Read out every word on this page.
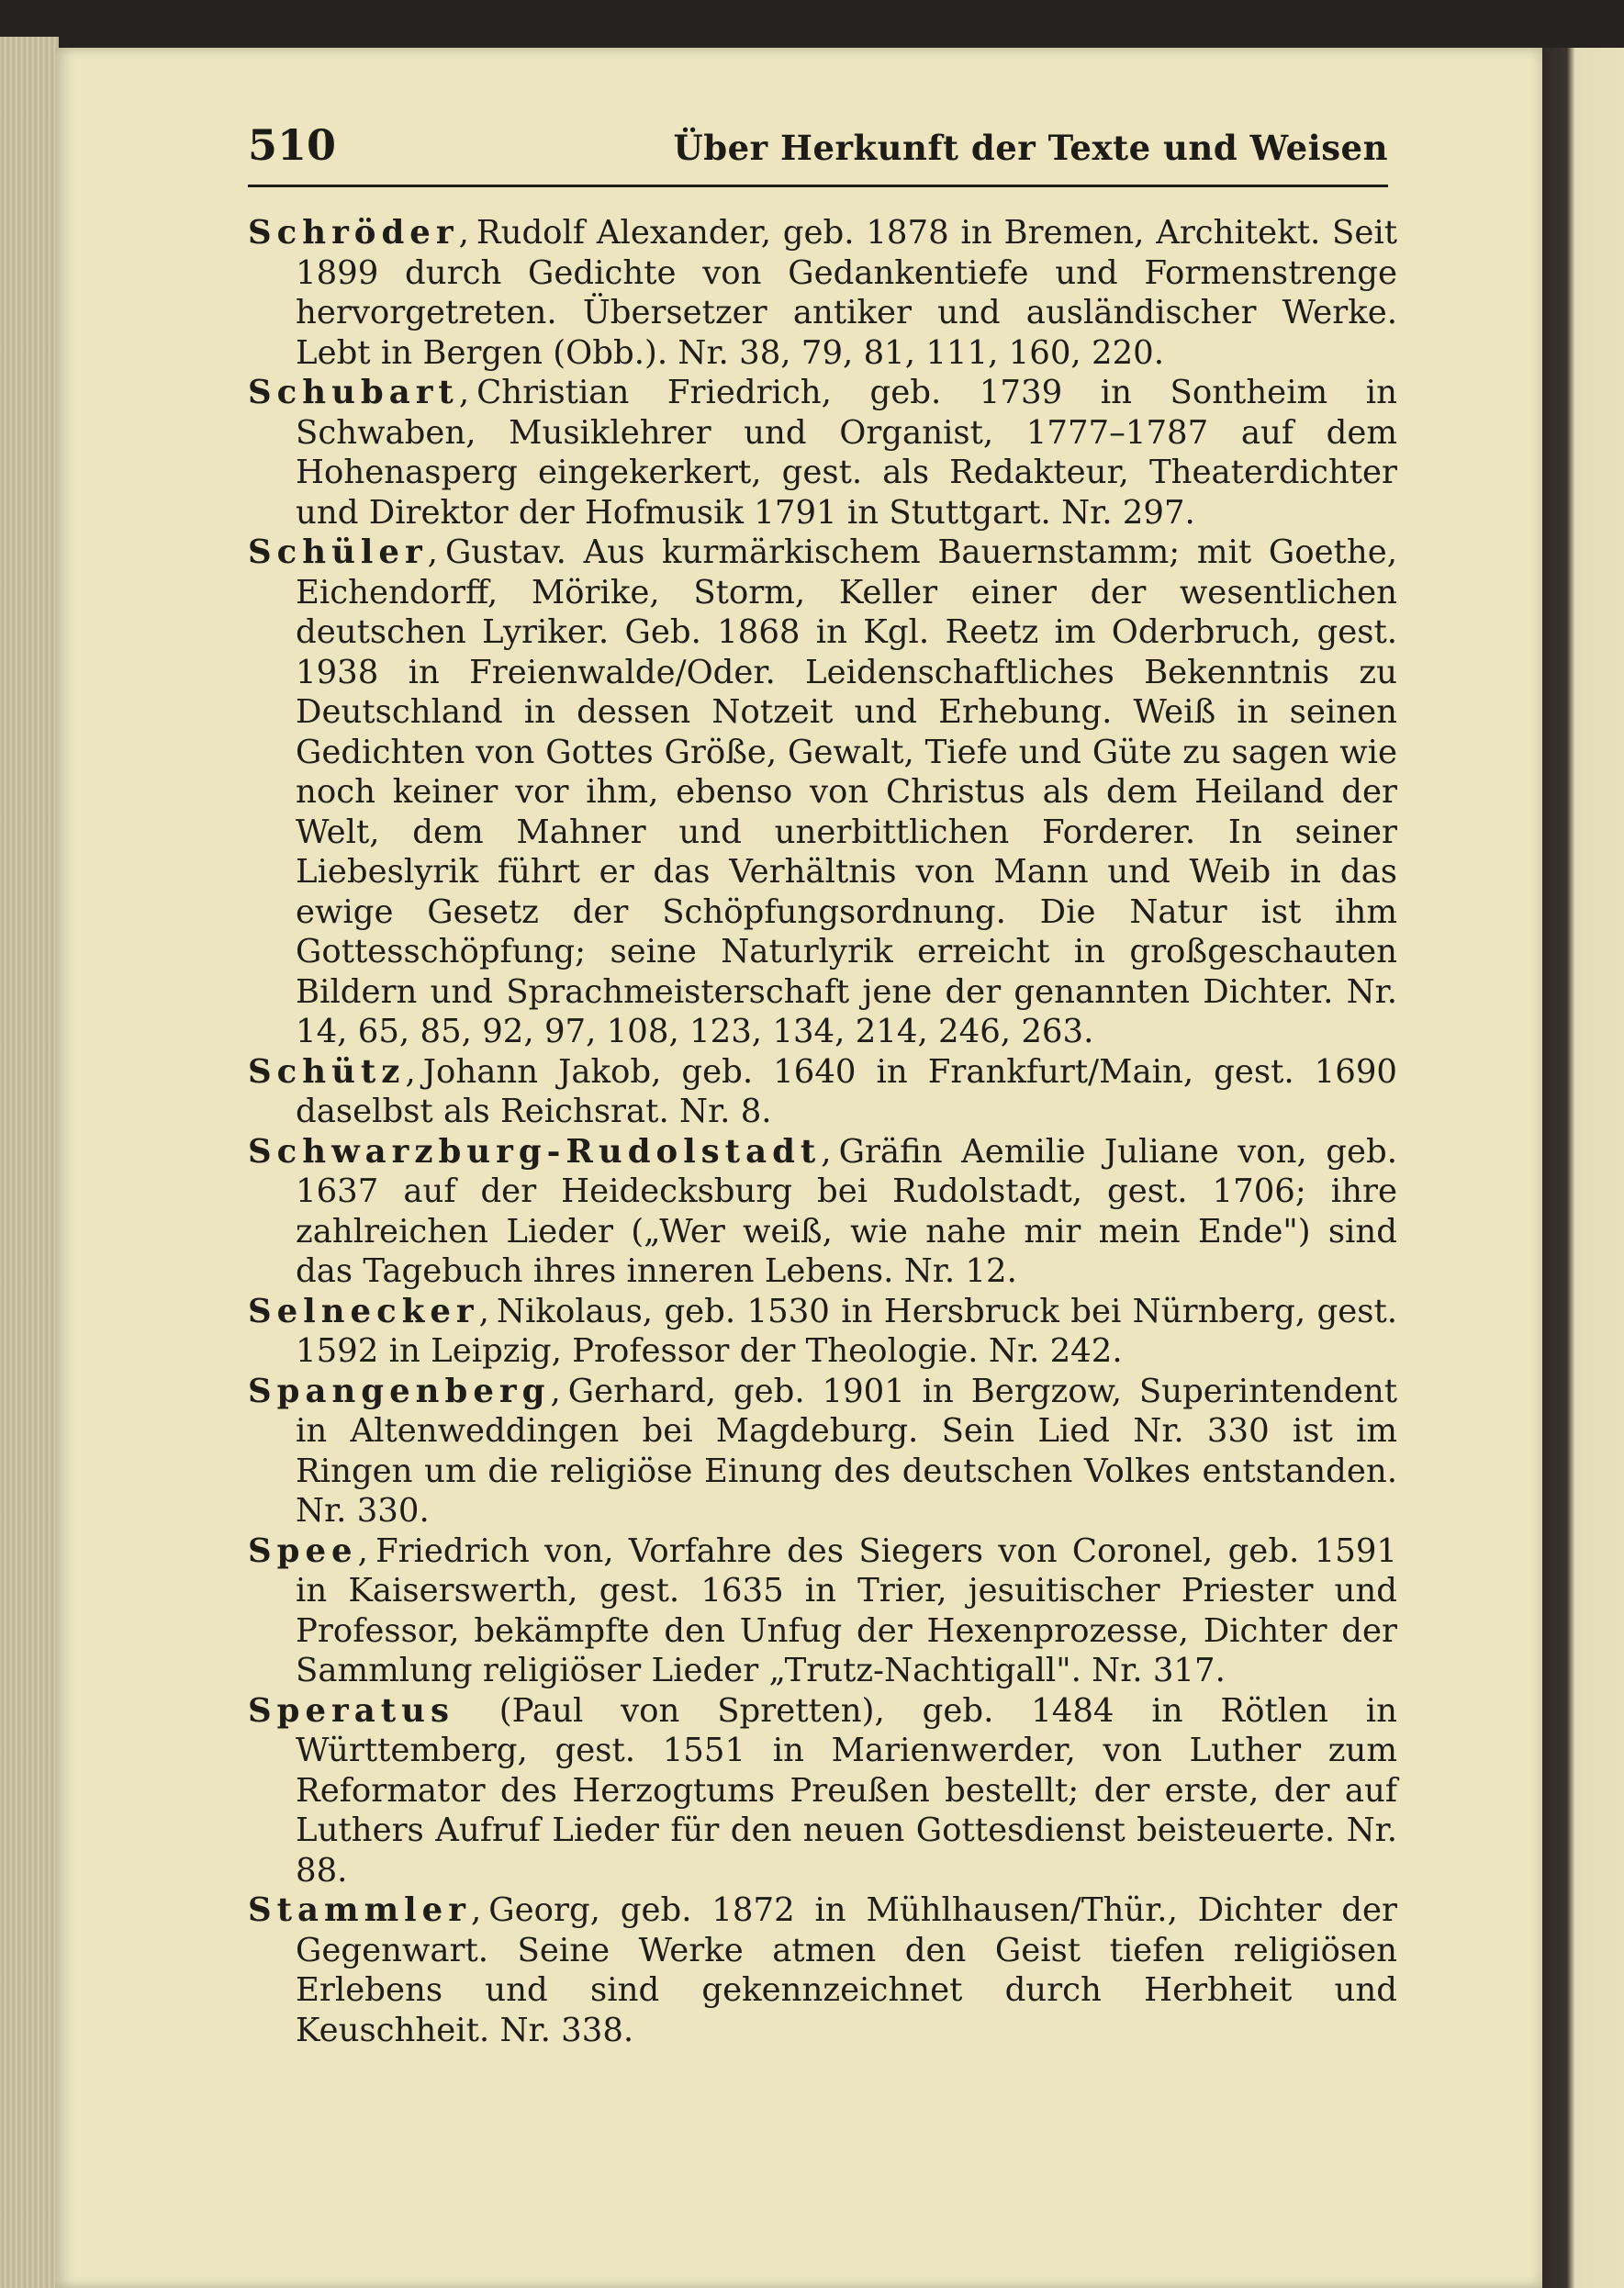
510	Über Herkunft der Texte und Weisen

Schröder, Rudolf Alexander, geb. 1878 in Bremen, Architekt. Seit 1899 durch Gedichte von Gedankentiefe und Formenstrenge hervorgetreten. Übersetzer antiker und ausländischer Werke. Lebt in Bergen (Obb.). Nr. 38, 79, 81, 111, 160, 220.

Schubart, Christian Friedrich, geb. 1739 in Sontheim in Schwaben, Musiklehrer und Organist, 1777–1787 auf dem Hohenasperg eingekerkert, gest. als Redakteur, Theaterdichter und Direktor der Hofmusik 1791 in Stuttgart. Nr. 297.

Schüler, Gustav. Aus kurmärkischem Bauernstamm; mit Goethe, Eichendorff, Mörike, Storm, Keller einer der wesentlichen deutschen Lyriker. Geb. 1868 in Kgl. Reetz im Oderbruch, gest. 1938 in Freienwalde/Oder. Leidenschaftliches Bekenntnis zu Deutschland in dessen Notzeit und Erhebung. Weiß in seinen Gedichten von Gottes Größe, Gewalt, Tiefe und Güte zu sagen wie noch keiner vor ihm, ebenso von Christus als dem Heiland der Welt, dem Mahner und unerbittlichen Forderer. In seiner Liebeslyrik führt er das Verhältnis von Mann und Weib in das ewige Gesetz der Schöpfungsordnung. Die Natur ist ihm Gottesschöpfung; seine Naturlyrik erreicht in großgeschauten Bildern und Sprachmeisterschaft jene der genannten Dichter. Nr. 14, 65, 85, 92, 97, 108, 123, 134, 214, 246, 263.

Schütz, Johann Jakob, geb. 1640 in Frankfurt/Main, gest. 1690 daselbst als Reichsrat. Nr. 8.

Schwarzburg-Rudolstadt, Gräfin Aemilie Juliane von, geb. 1637 auf der Heidecksburg bei Rudolstadt, gest. 1706; ihre zahlreichen Lieder („Wer weiß, wie nahe mir mein Ende") sind das Tagebuch ihres inneren Lebens. Nr. 12.

Selnecker, Nikolaus, geb. 1530 in Hersbruck bei Nürnberg, gest. 1592 in Leipzig, Professor der Theologie. Nr. 242.

Spangenberg, Gerhard, geb. 1901 in Bergzow, Superintendent in Altenweddingen bei Magdeburg. Sein Lied Nr. 330 ist im Ringen um die religiöse Einung des deutschen Volkes entstanden. Nr. 330.

Spee, Friedrich von, Vorfahre des Siegers von Coronel, geb. 1591 in Kaiserswerth, gest. 1635 in Trier, jesuitischer Priester und Professor, bekämpfte den Unfug der Hexenprozesse, Dichter der Sammlung religiöser Lieder „Trutz-Nachtigall". Nr. 317.

Speratus (Paul von Spretten), geb. 1484 in Rötlen in Württemberg, gest. 1551 in Marienwerder, von Luther zum Reformator des Herzogtums Preußen bestellt; der erste, der auf Luthers Aufruf Lieder für den neuen Gottesdienst beisteuerte. Nr. 88.

Stammler, Georg, geb. 1872 in Mühlhausen/Thür., Dichter der Gegenwart. Seine Werke atmen den Geist tiefen religiösen Erlebens und sind gekennzeichnet durch Herbheit und Keuschheit. Nr. 338.
